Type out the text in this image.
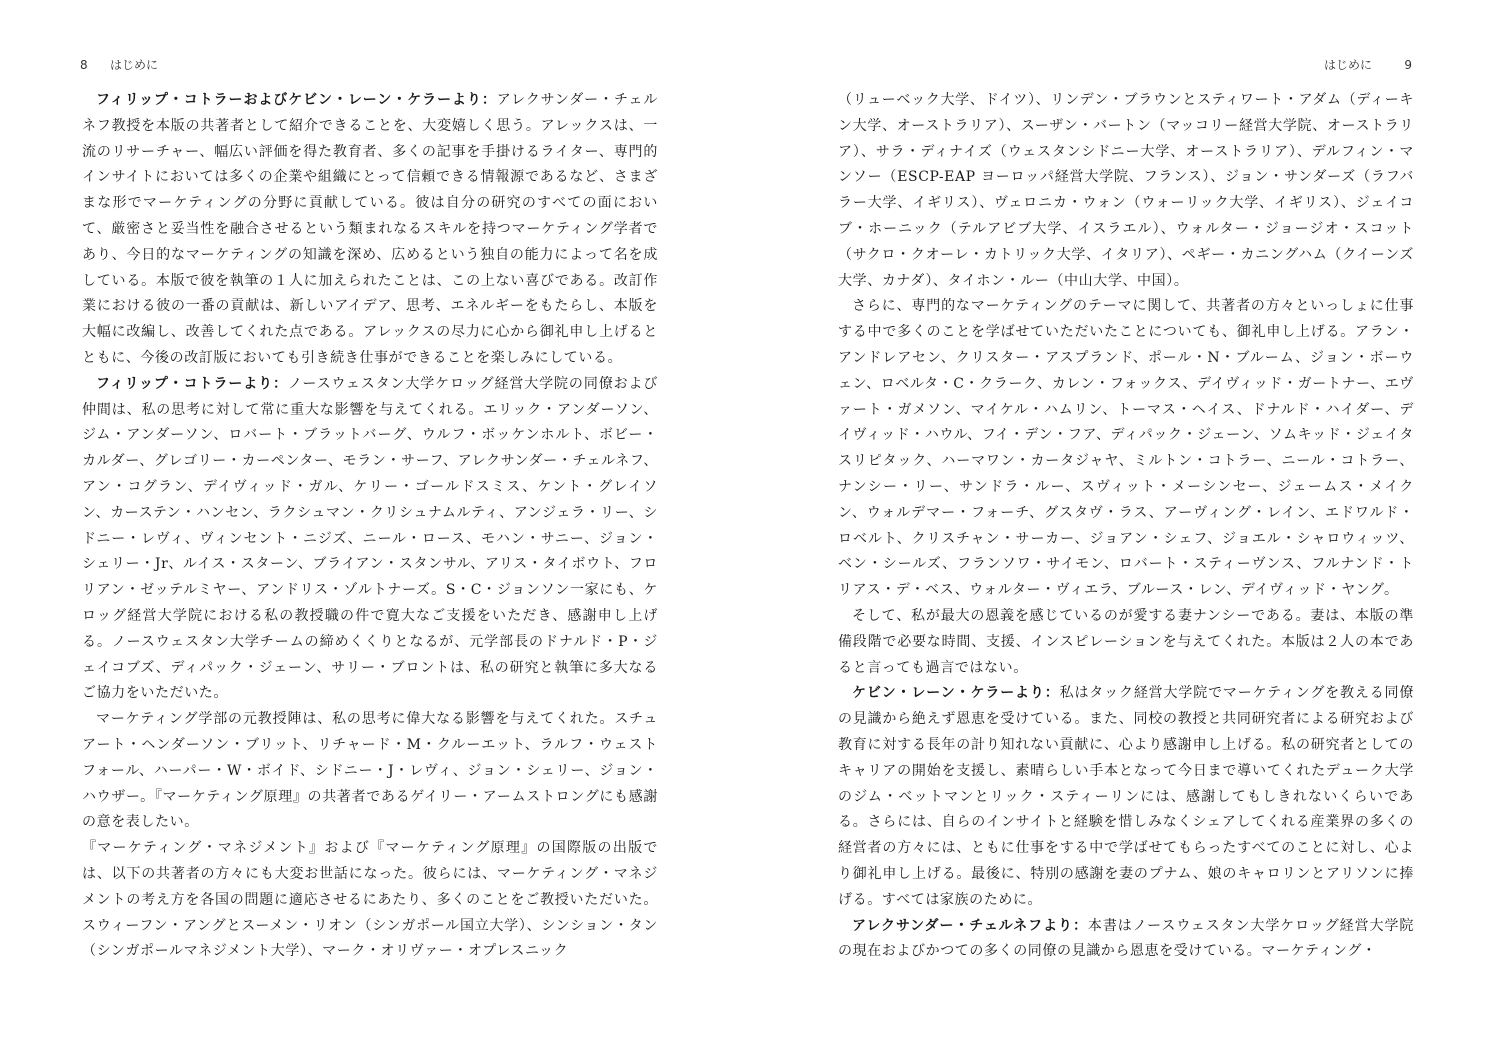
8 はじめに

フィリップ・コトラーおよびケビン・レーン・ケラーより：アレクサンダー・チェルネフ教授を本版の共著者として紹介できることを、大変嬉しく思う。アレックスは、一流のリサーチャー、幅広い評価を得た教育者、多くの記事を手掛けるライター、専門的インサイトにおいては多くの企業や組織にとって信頼できる情報源であるなど、さまざまな形でマーケティングの分野に貢献している。彼は自分の研究のすべての面において、厳密さと妥当性を融合させるという類まれなるスキルを持つマーケティング学者であり、今日的なマーケティングの知識を深め、広めるという独自の能力によって名を成している。本版で彼を執筆の１人に加えられたことは、この上ない喜びである。改訂作業における彼の一番の貢献は、新しいアイデア、思考、エネルギーをもたらし、本版を大幅に改編し、改善してくれた点である。アレックスの尽力に心から御礼申し上げるとともに、今後の改訂版においても引き続き仕事ができることを楽しみにしている。

フィリップ・コトラーより：ノースウェスタン大学ケロッグ経営大学院の同僚および仲間は、私の思考に対して常に重大な影響を与えてくれる。エリック・アンダーソン、ジム・アンダーソン、ロバート・ブラットバーグ、ウルフ・ボッケンホルト、ボビー・カルダー、グレゴリー・カーペンター、モラン・サーフ、アレクサンダー・チェルネフ、アン・コグラン、デイヴィッド・ガル、ケリー・ゴールドスミス、ケント・グレイソン、カーステン・ハンセン、ラクシュマン・クリシュナムルティ、アンジェラ・リー、シドニー・レヴィ、ヴィンセント・ニジズ、ニール・ロース、モハン・サニー、ジョン・シェリー・Jr、ルイス・スターン、ブライアン・スタンサル、アリス・タイボウト、フロリアン・ゼッテルミヤー、アンドリス・ゾルトナーズ。S・C・ジョンソン一家にも、ケロッグ経営大学院における私の教授職の件で寛大なご支援をいただき、感謝申し上げる。ノースウェスタン大学チームの締めくくりとなるが、元学部長のドナルド・P・ジェイコブズ、ディパック・ジェーン、サリー・ブロントは、私の研究と執筆に多大なるご協力をいただいた。

マーケティング学部の元教授陣は、私の思考に偉大なる影響を与えてくれた。スチュアート・ヘンダーソン・ブリット、リチャード・M・クルーエット、ラルフ・ウェストフォール、ハーパー・W・ボイド、シドニー・J・レヴィ、ジョン・シェリー、ジョン・ハウザー。『マーケティング原理』の共著者であるゲイリー・アームストロングにも感謝の意を表したい。

『マーケティング・マネジメント』および『マーケティング原理』の国際版の出版では、以下の共著者の方々にも大変お世話になった。彼らには、マーケティング・マネジメントの考え方を各国の問題に適応させるにあたり、多くのことをご教授いただいた。スウィーフン・アングとスーメン・リオン（シンガポール国立大学）、シンション・タン（シンガポールマネジメント大学）、マーク・オリヴァー・オプレスニック

はじめに	9

（リューベック大学、ドイツ）、リンデン・ブラウンとスティワート・アダム（ディーキン大学、オーストラリア）、スーザン・バートン（マッコリー経営大学院、オーストラリア）、サラ・ディナイズ（ウェスタンシドニー大学、オーストラリア）、デルフィン・マンソー（ESCP-EAP ヨーロッパ経営大学院、フランス）、ジョン・サンダーズ（ラフバラー大学、イギリス）、ヴェロニカ・ウォン（ウォーリック大学、イギリス）、ジェイコブ・ホーニック（テルアビブ大学、イスラエル）、ウォルター・ジョージオ・スコット（サクロ・クオーレ・カトリック大学、イタリア）、ペギー・カニングハム（クイーンズ大学、カナダ）、タイホン・ルー（中山大学、中国）。

さらに、専門的なマーケティングのテーマに関して、共著者の方々といっしょに仕事する中で多くのことを学ばせていただいたことについても、御礼申し上げる。アラン・アンドレアセン、クリスター・アスプランド、ポール・N・ブルーム、ジョン・ボーウェン、ロベルタ・C・クラーク、カレン・フォックス、デイヴィッド・ガートナー、エヴァート・ガメソン、マイケル・ハムリン、トーマス・ヘイス、ドナルド・ハイダー、デイヴィッド・ハウル、フイ・デン・フア、ディパック・ジェーン、ソムキッド・ジェイタスリピタック、ハーマワン・カータジャヤ、ミルトン・コトラー、ニール・コトラー、ナンシー・リー、サンドラ・ルー、スヴィット・メーシンセー、ジェームス・メイクン、ウォルデマー・フォーチ、グスタヴ・ラス、アーヴィング・レイン、エドワルド・ロベルト、クリスチャン・サーカー、ジョアン・シェフ、ジョエル・シャロウィッツ、ベン・シールズ、フランソワ・サイモン、ロバート・スティーヴンス、フルナンド・トリアス・デ・ベス、ウォルター・ヴィエラ、ブルース・レン、デイヴィッド・ヤング。

そして、私が最大の恩義を感じているのが愛する妻ナンシーである。妻は、本版の準備段階で必要な時間、支援、インスピレーションを与えてくれた。本版は２人の本であると言っても過言ではない。

ケビン・レーン・ケラーより：私はタック経営大学院でマーケティングを教える同僚の見識から絶えず恩恵を受けている。また、同校の教授と共同研究者による研究および教育に対する長年の計り知れない貢献に、心より感謝申し上げる。私の研究者としてのキャリアの開始を支援し、素晴らしい手本となって今日まで導いてくれたデューク大学のジム・ベットマンとリック・スティーリンには、感謝してもしきれないくらいである。さらには、自らのインサイトと経験を惜しみなくシェアしてくれる産業界の多くの経営者の方々には、ともに仕事をする中で学ばせてもらったすべてのことに対し、心より御礼申し上げる。最後に、特別の感謝を妻のプナム、娘のキャロリンとアリソンに捧げる。すべては家族のために。

アレクサンダー・チェルネフより：本書はノースウェスタン大学ケロッグ経営大学院の現在およびかつての多くの同僚の見識から恩恵を受けている。マーケティング・
